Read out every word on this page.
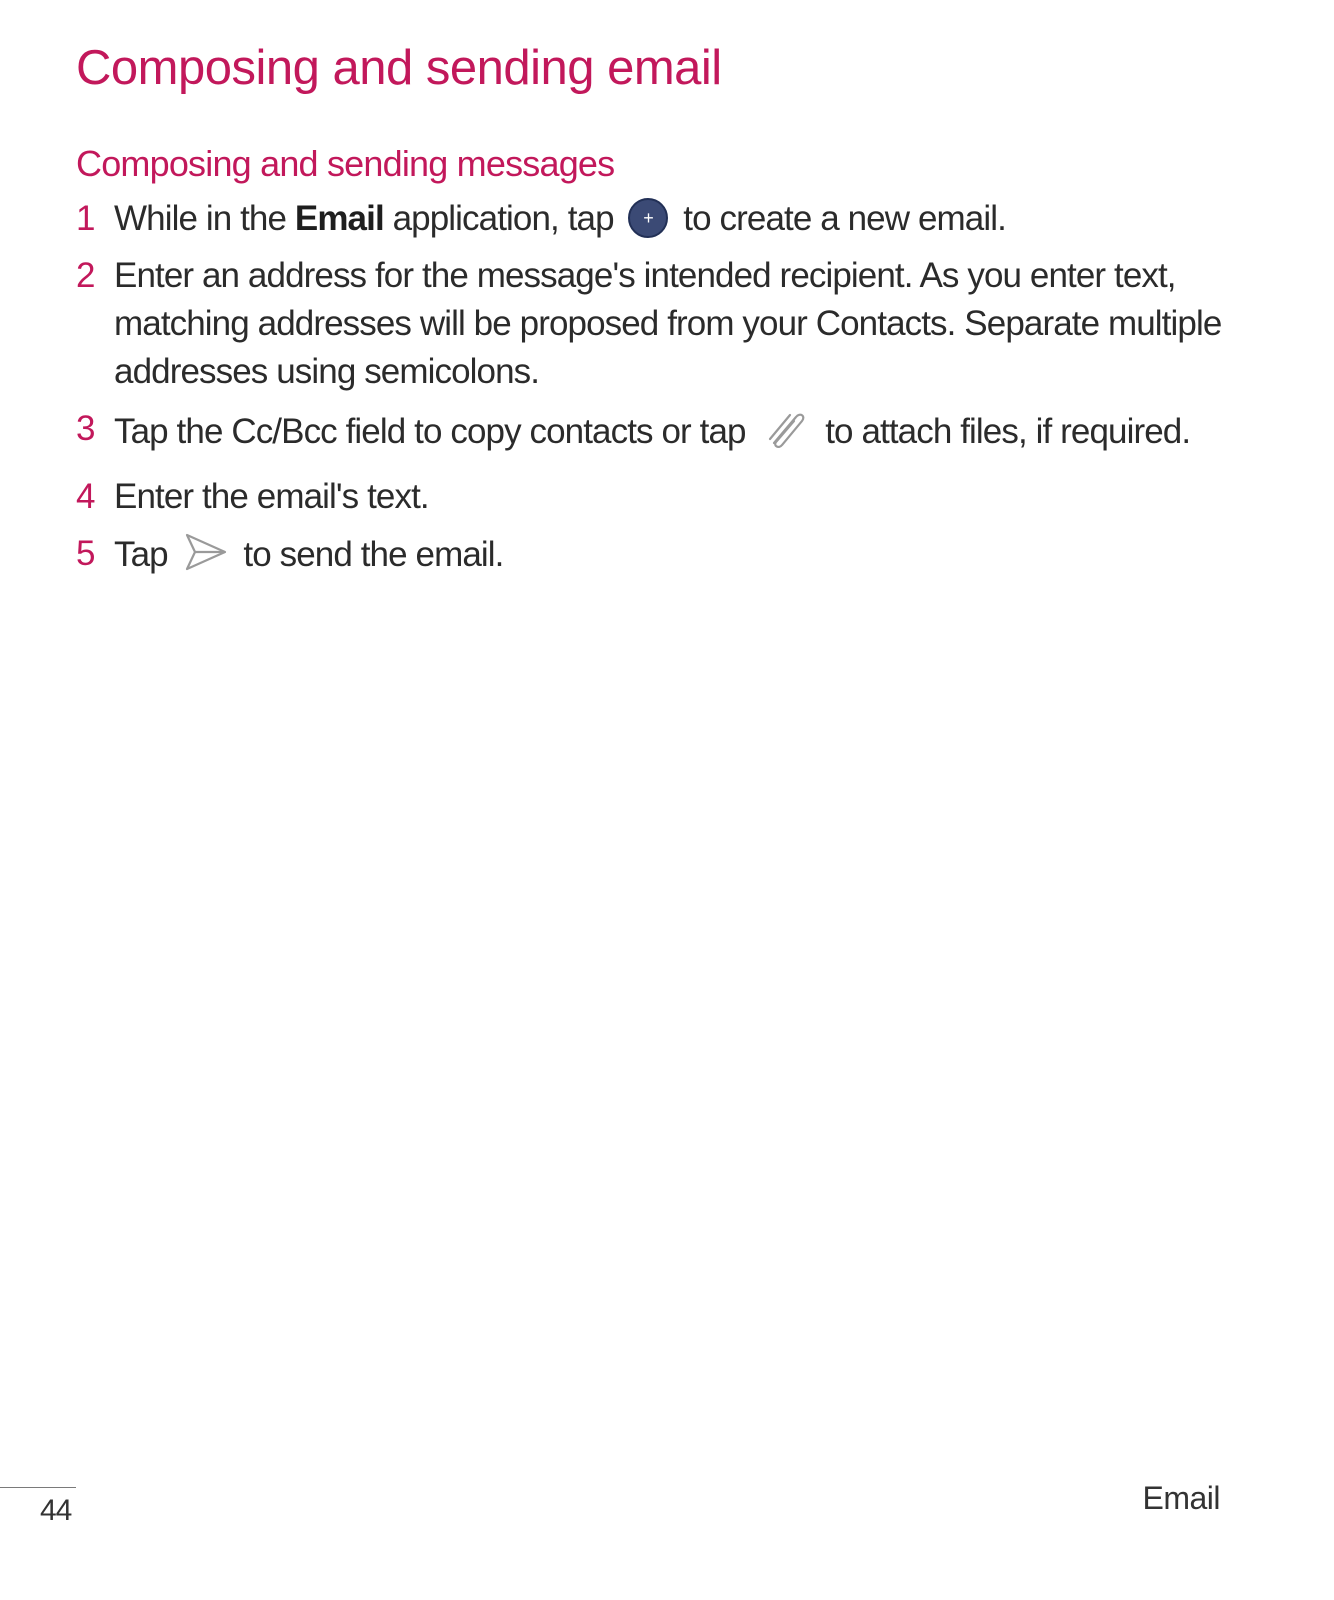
Composing and sending email
Composing and sending messages
1 While in the Email application, tap	+ to create a new email.
2 Enter an address for the message's intended recipient. As you enter text, matching addresses will be proposed from your Contacts. Separate multiple addresses using semicolons.
3 Tap the Cc/Bcc field to copy contacts or tap  to attach files, if required.
4 Enter the email's text.
5 Tap  to send the email.
44	Email
